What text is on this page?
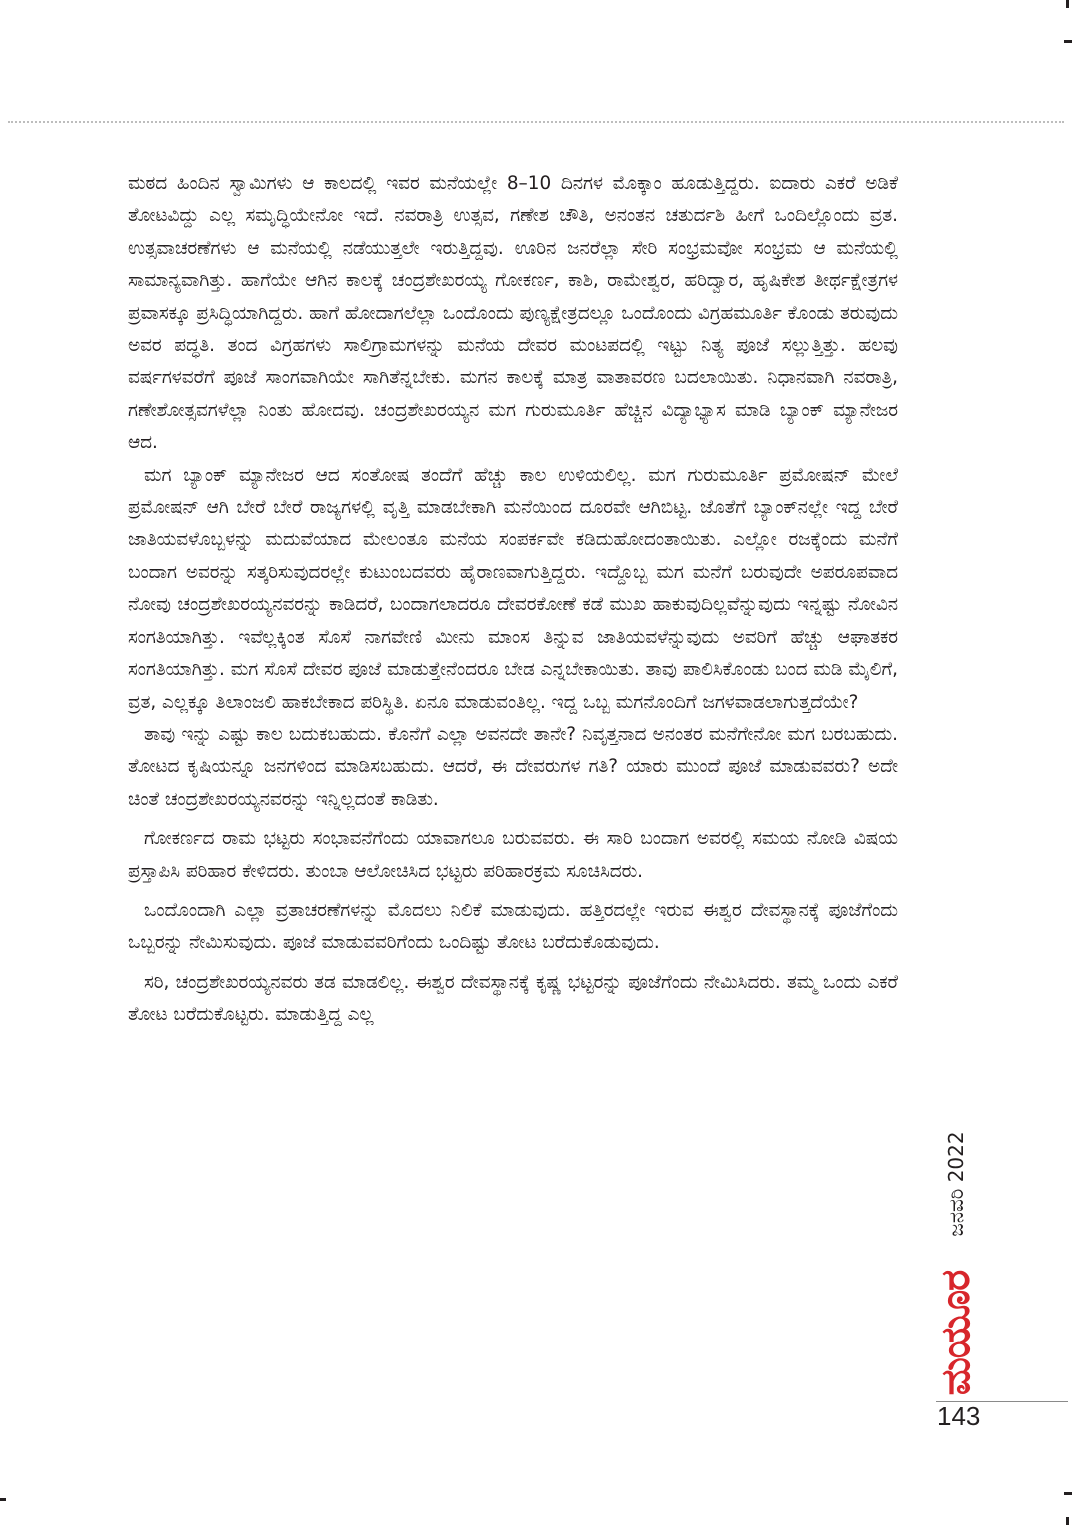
ಮಠದ ಹಿಂದಿನ ಸ್ವಾಮಿಗಳು ಆ ಕಾಲದಲ್ಲಿ ಇವರ ಮನೆಯಲ್ಲೇ 8–10 ದಿನಗಳ ಮೊಕ್ಕಾಂ ಹೂಡುತ್ತಿದ್ದರು. ಐದಾರು ಎಕರೆ ಅಡಿಕೆ ತೋಟವಿದ್ದು ಎಲ್ಲ ಸಮೃದ್ಧಿಯೇನೋ ಇದೆ. ನವರಾತ್ರಿ ಉತ್ಸವ, ಗಣೇಶ ಚೌತಿ, ಅನಂತನ ಚತುರ್ದಶಿ ಹೀಗೆ ಒಂದಿಲ್ಲೊಂದು ವ್ರತ. ಉತ್ಸವಾಚರಣೆಗಳು ಆ ಮನೆಯಲ್ಲಿ ನಡೆಯುತ್ತಲೇ ಇರುತ್ತಿದ್ದವು. ಊರಿನ ಜನರೆಲ್ಲಾ ಸೇರಿ ಸಂಭ್ರಮವೋ ಸಂಭ್ರಮ ಆ ಮನೆಯಲ್ಲಿ ಸಾಮಾನ್ಯವಾಗಿತ್ತು. ಹಾಗೆಯೇ ಆಗಿನ ಕಾಲಕ್ಕೆ ಚಂದ್ರಶೇಖರಯ್ಯ ಗೋಕರ್ಣ, ಕಾಶಿ, ರಾಮೇಶ್ವರ, ಹರಿದ್ವಾರ, ಹೃಷಿಕೇಶ ತೀರ್ಥಕ್ಷೇತ್ರಗಳ ಪ್ರವಾಸಕ್ಕೂ ಪ್ರಸಿದ್ಧಿಯಾಗಿದ್ದರು. ಹಾಗೆ ಹೋದಾಗಲೆಲ್ಲಾ ಒಂದೊಂದು ಪುಣ್ಯಕ್ಷೇತ್ರದಲ್ಲೂ ಒಂದೊಂದು ವಿಗ್ರಹಮೂರ್ತಿ ಕೊಂಡು ತರುವುದು ಅವರ ಪದ್ಧತಿ. ತಂದ ವಿಗ್ರಹಗಳು ಸಾಲಿಗ್ರಾಮಗಳನ್ನು ಮನೆಯ ದೇವರ ಮಂಟಪದಲ್ಲಿ ಇಟ್ಟು ನಿತ್ಯ ಪೂಜೆ ಸಲ್ಲುತ್ತಿತ್ತು. ಹಲವು ವರ್ಷಗಳವರೆಗೆ ಪೂಜೆ ಸಾಂಗವಾಗಿಯೇ ಸಾಗಿತೆನ್ನಬೇಕು. ಮಗನ ಕಾಲಕ್ಕೆ ಮಾತ್ರ ವಾತಾವರಣ ಬದಲಾಯಿತು. ನಿಧಾನವಾಗಿ ನವರಾತ್ರಿ, ಗಣೇಶೋತ್ಸವಗಳೆಲ್ಲಾ ನಿಂತು ಹೋದವು. ಚಂದ್ರಶೇಖರಯ್ಯನ ಮಗ ಗುರುಮೂರ್ತಿ ಹೆಚ್ಚಿನ ವಿದ್ಯಾಭ್ಯಾಸ ಮಾಡಿ ಬ್ಯಾಂಕ್ ಮ್ಯಾನೇಜರ ಆದ.

ಮಗ ಬ್ಯಾಂಕ್ ಮ್ಯಾನೇಜರ ಆದ ಸಂತೋಷ ತಂದೆಗೆ ಹೆಚ್ಚು ಕಾಲ ಉಳಿಯಲಿಲ್ಲ. ಮಗ ಗುರುಮೂರ್ತಿ ಪ್ರಮೋಷನ್ ಮೇಲೆ ಪ್ರಮೋಷನ್ ಆಗಿ ಬೇರೆ ಬೇರೆ ರಾಜ್ಯಗಳಲ್ಲಿ ವೃತ್ತಿ ಮಾಡಬೇಕಾಗಿ ಮನೆಯಿಂದ ದೂರವೇ ಆಗಿಬಿಟ್ಟ. ಜೊತೆಗೆ ಬ್ಯಾಂಕ್‌ನಲ್ಲೇ ಇದ್ದ ಬೇರೆ ಜಾತಿಯವಳೊಬ್ಬಳನ್ನು ಮದುವೆಯಾದ ಮೇಲಂತೂ ಮನೆಯ ಸಂಪರ್ಕವೇ ಕಡಿದುಹೋದಂತಾಯಿತು. ಎಲ್ಲೋ ರಜಕ್ಕೆಂದು ಮನೆಗೆ ಬಂದಾಗ ಅವರನ್ನು ಸತ್ಕರಿಸುವುದರಲ್ಲೇ ಕುಟುಂಬದವರು ಹೈರಾಣವಾಗುತ್ತಿದ್ದರು. ಇದ್ದೊಬ್ಬ ಮಗ ಮನೆಗೆ ಬರುವುದೇ ಅಪರೂಪವಾದ ನೋವು ಚಂದ್ರಶೇಖರಯ್ಯನವರನ್ನು ಕಾಡಿದರೆ, ಬಂದಾಗಲಾದರೂ ದೇವರಕೋಣೆ ಕಡೆ ಮುಖ ಹಾಕುವುದಿಲ್ಲವೆನ್ನುವುದು ಇನ್ನಷ್ಟು ನೋವಿನ ಸಂಗತಿಯಾಗಿತ್ತು. ಇವೆಲ್ಲಕ್ಕಿಂತ ಸೊಸೆ ನಾಗವೇಣಿ ಮೀನು ಮಾಂಸ ತಿನ್ನುವ ಜಾತಿಯವಳೆನ್ನುವುದು ಅವರಿಗೆ ಹೆಚ್ಚು ಆಘಾತಕರ ಸಂಗತಿಯಾಗಿತ್ತು. ಮಗ ಸೊಸೆ ದೇವರ ಪೂಜೆ ಮಾಡುತ್ತೇನೆಂದರೂ ಬೇಡ ಎನ್ನಬೇಕಾಯಿತು. ತಾವು ಪಾಲಿಸಿಕೊಂಡು ಬಂದ ಮಡಿ ಮೈಲಿಗೆ, ವ್ರತ, ಎಲ್ಲಕ್ಕೂ ತಿಲಾಂಜಲಿ ಹಾಕಬೇಕಾದ ಪರಿಸ್ಥಿತಿ. ಏನೂ ಮಾಡುವಂತಿಲ್ಲ. ಇದ್ದ ಒಬ್ಬ ಮಗನೊಂದಿಗೆ ಜಗಳವಾಡಲಾಗುತ್ತದೆಯೇ?

ತಾವು ಇನ್ನು ಎಷ್ಟು ಕಾಲ ಬದುಕಬಹುದು. ಕೊನೆಗೆ ಎಲ್ಲಾ ಅವನದೇ ತಾನೇ? ನಿವೃತ್ತನಾದ ಅನಂತರ ಮನೆಗೇನೋ ಮಗ ಬರಬಹುದು. ತೋಟದ ಕೃಷಿಯನ್ನೂ ಜನಗಳಿಂದ ಮಾಡಿಸಬಹುದು. ಆದರೆ, ಈ ದೇವರುಗಳ ಗತಿ? ಯಾರು ಮುಂದೆ ಪೂಜೆ ಮಾಡುವವರು? ಅದೇ ಚಿಂತೆ ಚಂದ್ರಶೇಖರಯ್ಯನವರನ್ನು ಇನ್ನಿಲ್ಲದಂತೆ ಕಾಡಿತು.

ಗೋಕರ್ಣದ ರಾಮ ಭಟ್ಟರು ಸಂಭಾವನೆಗೆಂದು ಯಾವಾಗಲೂ ಬರುವವರು. ಈ ಸಾರಿ ಬಂದಾಗ ಅವರಲ್ಲಿ ಸಮಯ ನೋಡಿ ವಿಷಯ ಪ್ರಸ್ತಾಪಿಸಿ ಪರಿಹಾರ ಕೇಳಿದರು. ತುಂಬಾ ಆಲೋಚಿಸಿದ ಭಟ್ಟರು ಪರಿಹಾರಕ್ರಮ ಸೂಚಿಸಿದರು.

ಒಂದೊಂದಾಗಿ ಎಲ್ಲಾ ವ್ರತಾಚರಣೆಗಳನ್ನು ಮೊದಲು ನಿಲಿಕೆ ಮಾಡುವುದು. ಹತ್ತಿರದಲ್ಲೇ ಇರುವ ಈಶ್ವರ ದೇವಸ್ಥಾನಕ್ಕೆ ಪೂಜೆಗೆಂದು ಒಬ್ಬರನ್ನು ನೇಮಿಸುವುದು. ಪೂಜೆ ಮಾಡುವವರಿಗೆಂದು ಒಂದಿಷ್ಟು ತೋಟ ಬರೆದುಕೊಡುವುದು.

ಸರಿ, ಚಂದ್ರಶೇಖರಯ್ಯನವರು ತಡ ಮಾಡಲಿಲ್ಲ. ಈಶ್ವರ ದೇವಸ್ಥಾನಕ್ಕೆ ಕೃಷ್ಣ ಭಟ್ಟರನ್ನು ಪೂಜೆಗೆಂದು ನೇಮಿಸಿದರು. ತಮ್ಮ ಒಂದು ಎಕರೆ ತೋಟ ಬರೆದುಕೊಟ್ಟರು. ಮಾಡುತ್ತಿದ್ದ ಎಲ್ಲ

ಜನವರಿ 2022
ಮಯೂರ
143
